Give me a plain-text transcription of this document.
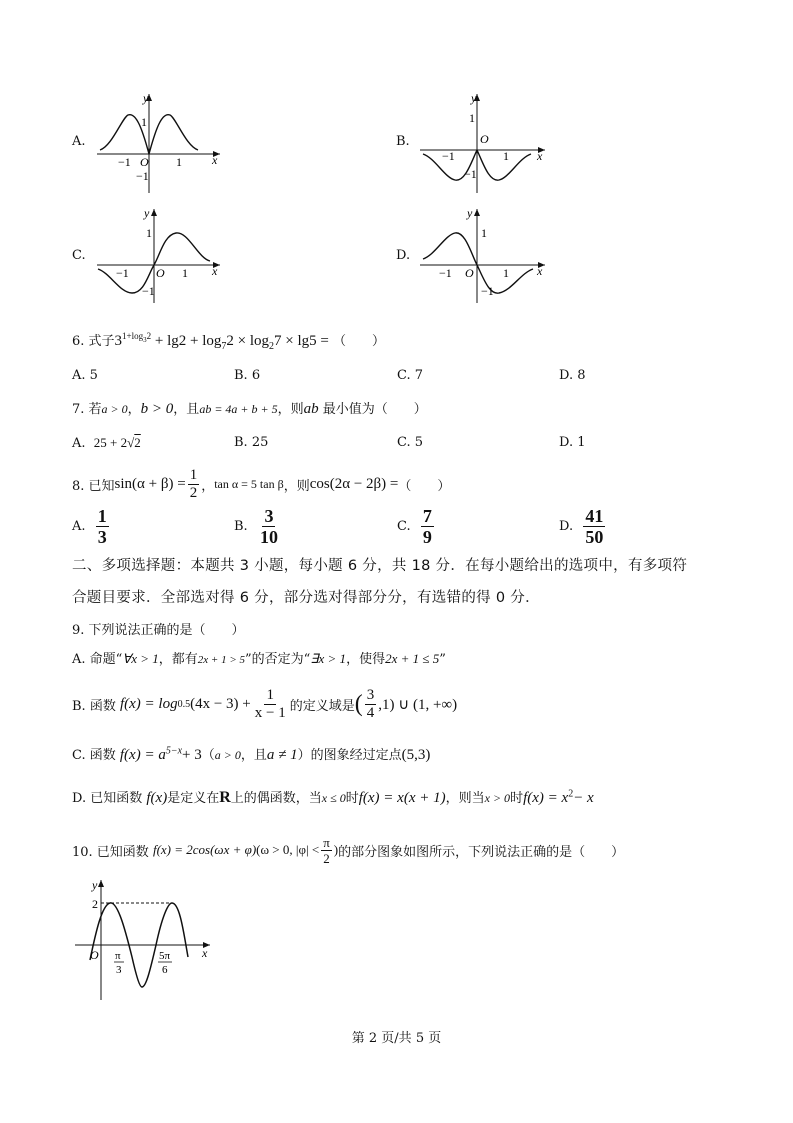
A.
y
x
O
1
−1
−1	1
B.
y
x
O
1
−1
−1	1
C.
y
x
O
1
−1
−1	1
D.
y
x
O
1
−1
−1	1
6. 式子$3^{1+log_32} + \lg 2 + \log_72 \times \log_27 \times \lg 5$ = （　　）
A. 5	B. 6	C. 7	D. 8
7. 若a > 0，b > 0，且ab = 4a + b + 5，则ab 最小值为（　　）
A. 25 + 2√2	B. 25	C. 5	D. 1
8. 已知 $\sin(\alpha + \beta) = \frac{1}{2}$ ， tan α = 5 tan β ，则 cos(2α − 2β) = （　　）
A.
$\frac{1}{3}$	B.
$\frac{3}{10}$	C.
$\frac{7}{9}$	D.
$\frac{41}{50}$
二、多项选择题：本题共 3 小题，每小题 6 分，共 18 分．在每小题给出的选项中，有多项符
合题目要求．全部选对得 6 分，部分选对得部分分，有选错的得 0 分．
9. 下列说法正确的是（　　）
A. 命题“∀x > 1，都有2x + 1 > 5”的否定为“∃x > 1，使得2x + 1 ≤ 5”
B. 函数
f(x) = log 0.5 $(4x - 3) + \frac{1}{x - 1}$ 的定义域是 ( $\frac{3}{4} ,1$) ∪ (1, +∞)
C. 函数 $f(x) = a^{5-x}+ 3(a > 0$，且a ≠ 1）的图象经过定点(5,3)
D. 已知函数 f(x)是定义在R上的偶函数，当x ≤ 0时f(x) = x(x + 1)，则当x > 0时$f(x) = x^2- x$
10. 已知函数
f(x) = 2cos(ωx + φ) (ω > 0, $|\varphi| < \frac{\pi}{2}$ ) 的部分图象如图所示，下列说法正确的是（　　）
y
x
2
O π
3
5π
6
第 2 页/共 5 页
